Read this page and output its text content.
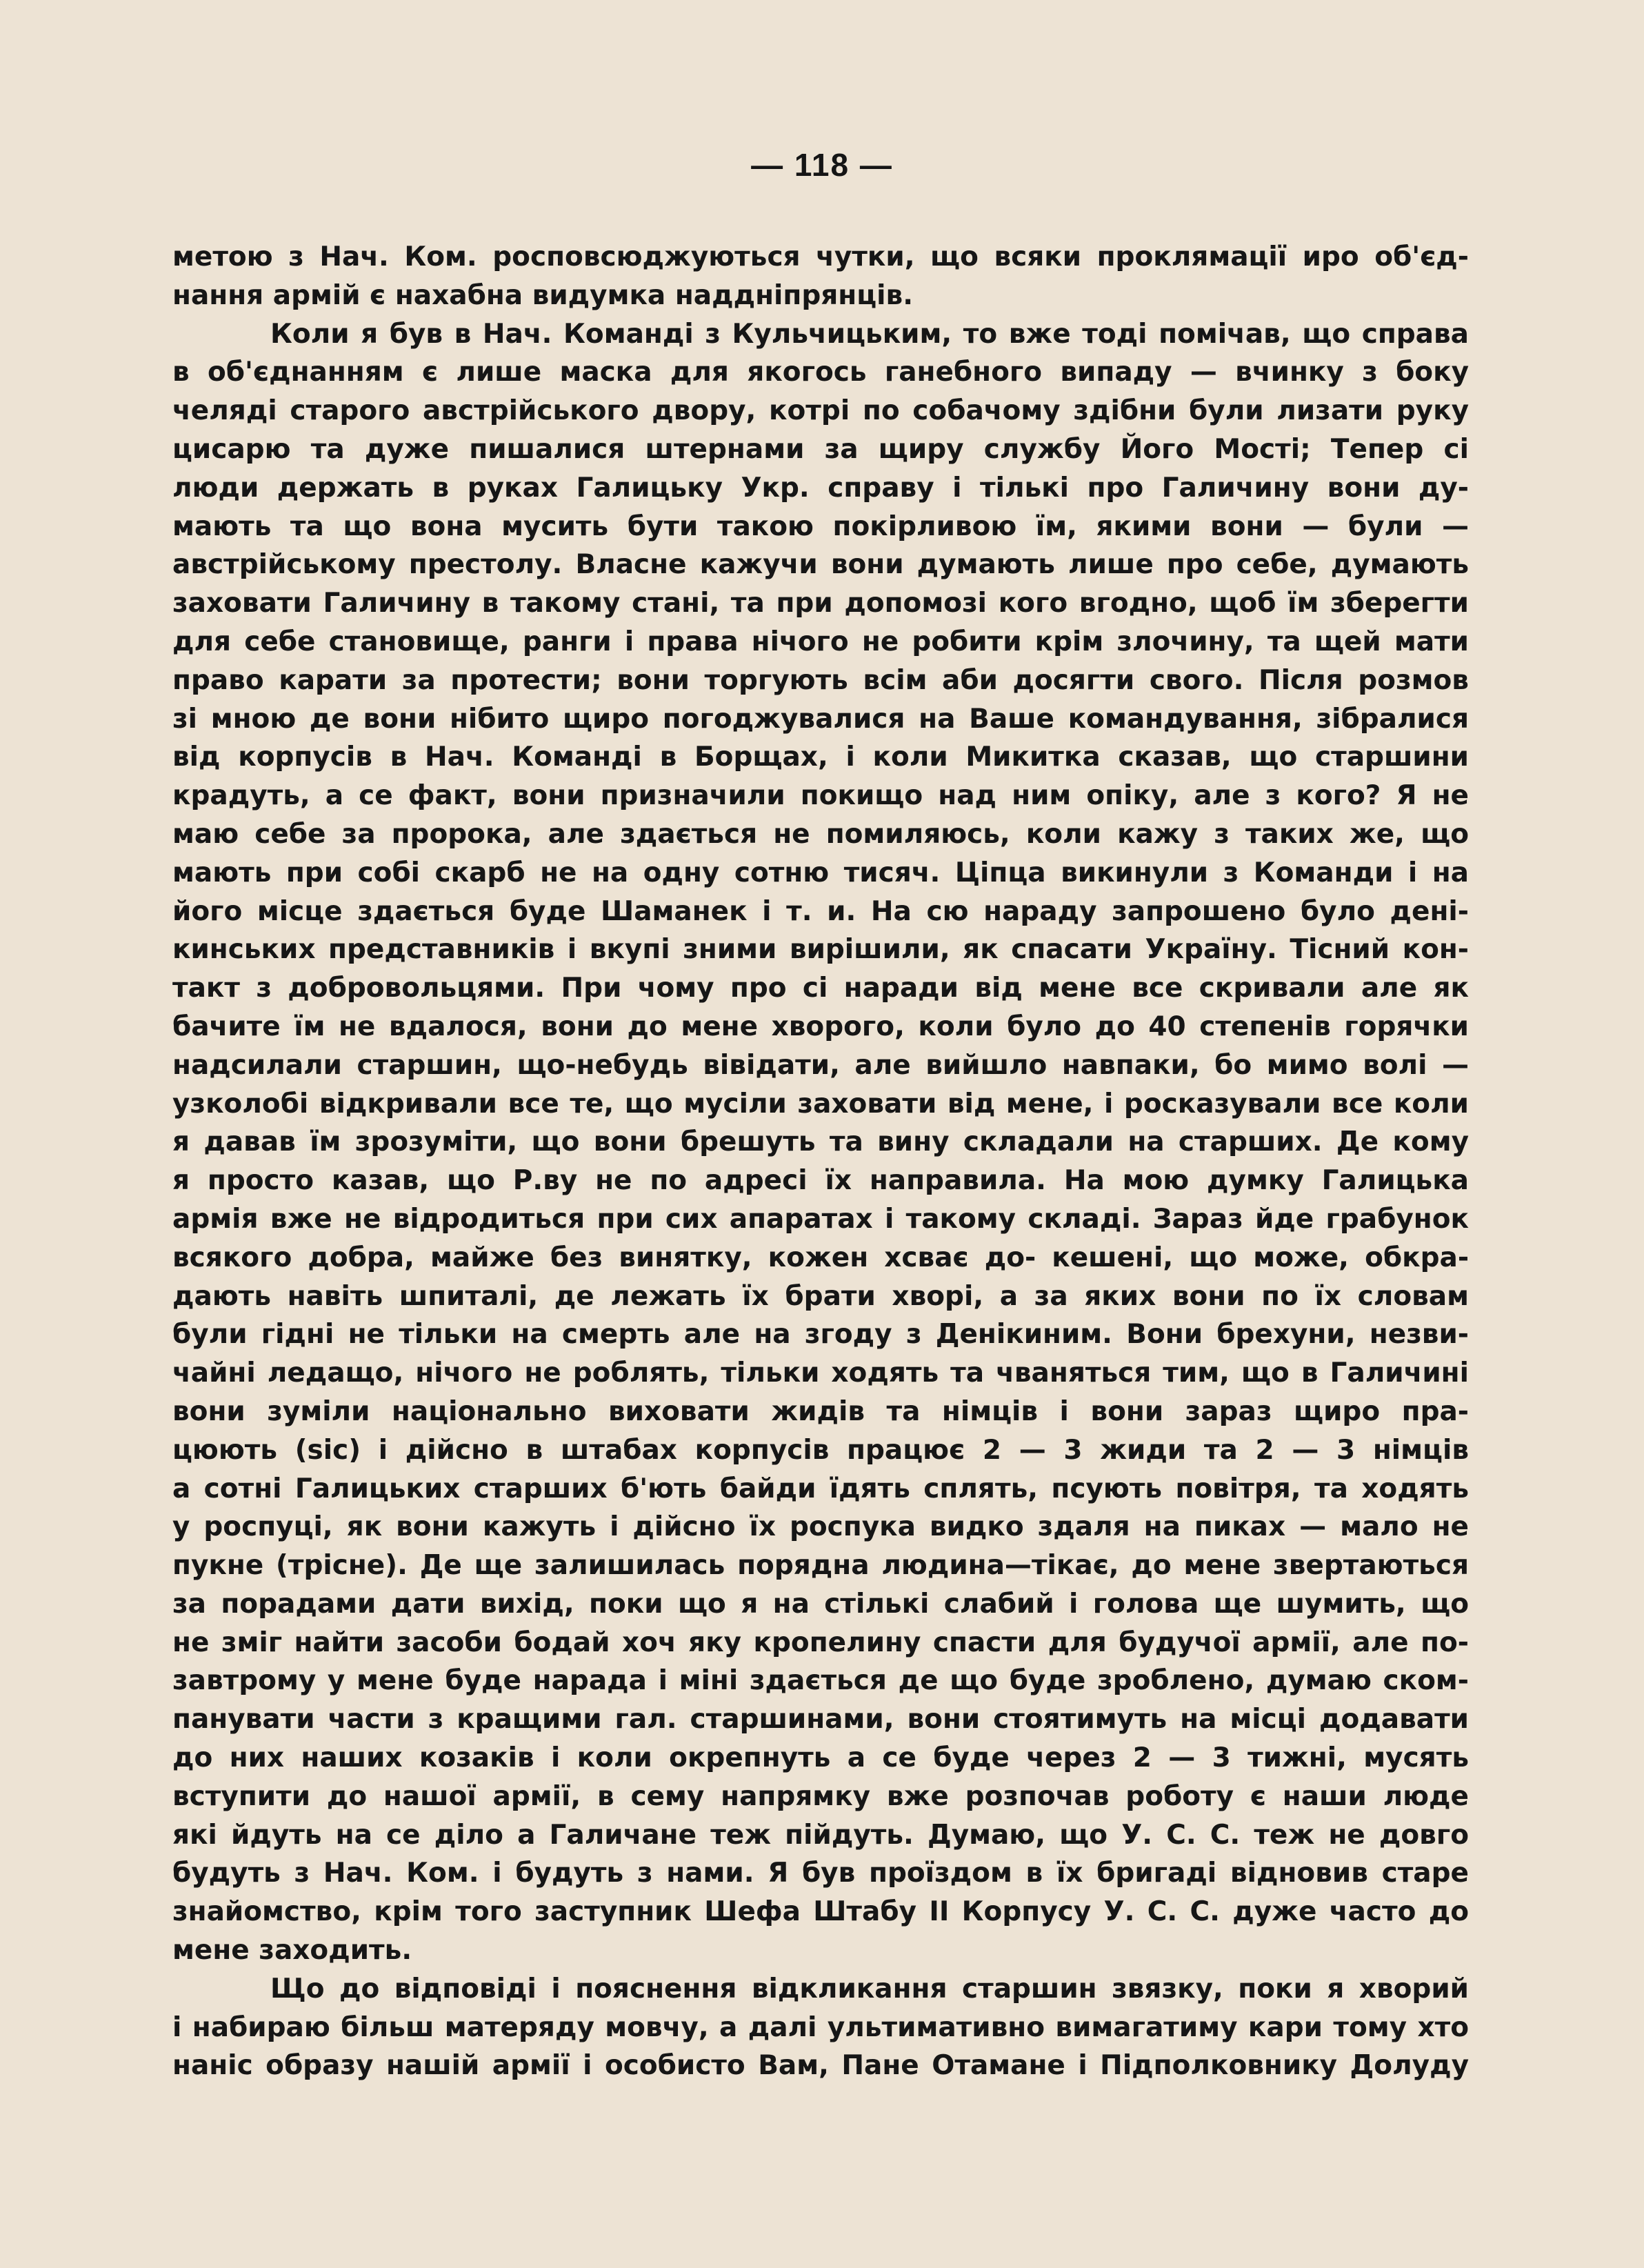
— 118 —
метою з Нач. Ком. росповсюджуються чутки, що всяки проклямації иро об'єд-
нання армій є нахабна видумка наддніпрянців.
Коли я був в Нач. Команді з Кульчицьким, то вже тоді помічав, що справа
в об'єднанням є лише маска для якогось ганебного випаду — вчинку з боку
челяді старого австрійського двору, котрі по собачому здібни були лизати руку
цисарю та дуже пишалися штернами за щиру службу Його Мості; Тепер сі
люди держать в руках Галицьку Укр. справу і тількі про Галичину вони ду-
мають та що вона мусить бути такою покірливою їм, якими вони — були —
австрійському престолу. Власне кажучи вони думають лише про себе, думають
заховати Галичину в такому стані, та при допомозі кого вгодно, щоб їм зберегти
для себе становище, ранги і права нічого не робити крім злочину, та щей мати
право карати за протести; вони торгують всім аби досягти свого. Після розмов
зі мною де вони нібито щиро погоджувалися на Ваше командування, зібралися
від корпусів в Нач. Команді в Борщах, і коли Микитка сказав, що старшини
крадуть, а се факт, вони призначили покищо над ним опіку, але з кого? Я не
маю себе за пророка, але здається не помиляюсь, коли кажу з таких же, що
мають при собі скарб не на одну сотню тисяч. Ціпца викинули з Команди і на
його місце здається буде Шаманек і т. и. На сю нараду запрошено було дені-
кинських представників і вкупі зними вирішили, як спасати Україну. Тісний кон-
такт з добровольцями. При чому про сі наради від мене все скривали але як
бачите їм не вдалося, вони до мене хворого, коли було до 40 степенів горячки
надсилали старшин, що-небудь вівідати, але вийшло навпаки, бо мимо волі —
узколобі відкривали все те, що мусіли заховати від мене, і росказували все коли
я давав їм зрозуміти, що вони брешуть та вину складали на старших. Де кому
я просто казав, що Р.ву не по адресі їх направила. На мою думку Галицька
армія вже не відродиться при сих апаратах і такому складі. Зараз йде грабунок
всякого добра, майже без винятку, кожен хсває до- кешені, що може, обкра-
дають навіть шпиталі, де лежать їх брати хворі, а за яких вони по їх словам
були гідні не тільки на смерть але на згоду з Денікиним. Вони брехуни, незви-
чайні ледащо, нічого не роблять, тільки ходять та чваняться тим, що в Галичині
вони зуміли національно виховати жидів та німців і вони зараз щиро пра-
цюють (sic) і дійсно в штабах корпусів працює 2 — 3 жиди та 2 — 3 німців
а сотні Галицьких старших б'ють байди їдять сплять, псують повітря, та ходять
у роспуці, як вони кажуть і дійсно їх роспука видко здаля на пиках — мало не
пукне (трісне). Де ще залишилась порядна людина—тікає, до мене звертаються
за порадами дати вихід, поки що я на стількі слабий і голова ще шумить, що
не зміг найти засоби бодай хоч яку кропелину спасти для будучої армії, але по-
завтрому у мене буде нарада і міні здається де що буде зроблено, думаю ском-
панувати части з кращими гал. старшинами, вони стоятимуть на місці додавати
до них наших козаків і коли окрепнуть а се буде через 2 — 3 тижні, мусять
вступити до нашої армії, в сему напрямку вже розпочав роботу є наши люде
які йдуть на се діло а Галичане теж пійдуть. Думаю, що У. С. С. теж не довго
будуть з Нач. Ком. і будуть з нами. Я був проїздом в їх бригаді відновив старе
знайомство, крім того заступник Шефа Штабу ІІ Корпусу У. С. С. дуже часто до
мене заходить.
Що до відповіді і пояснення відкликання старшин звязку, поки я хворий
і набираю більш матеряду мовчу, а далі ультимативно вимагатиму кари тому хто
наніс образу нашій армії і особисто Вам, Пане Отамане і Підполковнику Долуду
